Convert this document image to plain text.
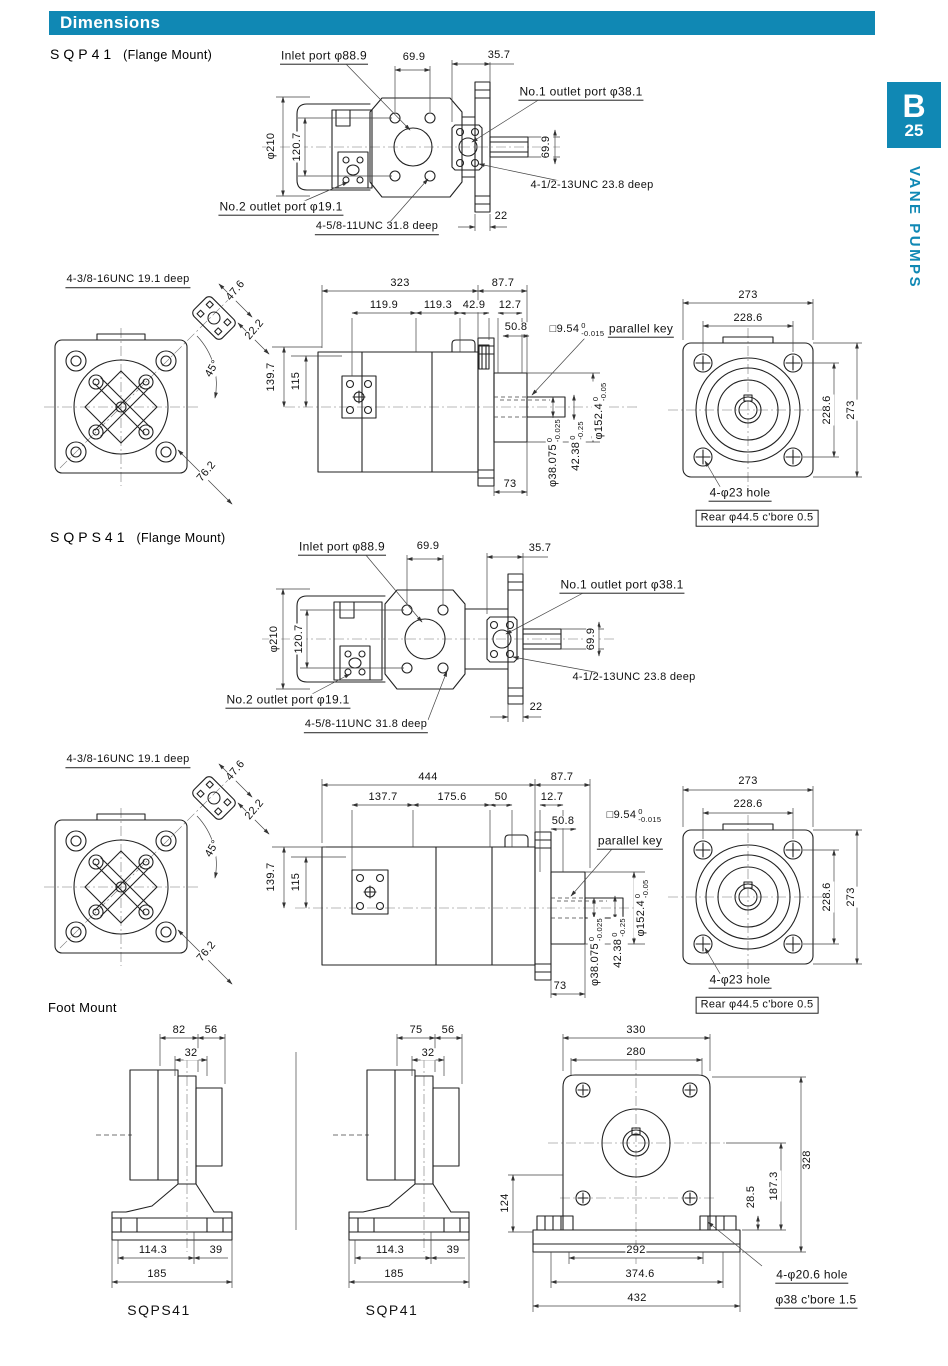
Dimensions
SQP41 (Flange Mount)
SQPS41 (Flange Mount)
Foot Mount
B
25
VANE PUMPS
SQPS41	SQP41
Inlet port φ88.9	69.9	35.7
No.1 outlet port φ38.1
φ210 120.7	69.9
4-1/2-13UNC 23.8 deep
No.2 outlet port φ19.1
4-5/8-11UNC 31.8 deep
22
4-3/8-16UNC 19.1 deep	47.6
22.2
45°
76.2
323	87.7
119.9 119.3 42.9 12.7
50.8 □9.54 0
-0.015 parallel key
139.7 115
φ38.075
0 -0.025
42.38
0 -0.25 φ152.4
0 -0.05
73
273
228.6
228.6 273
4-φ23 hole
Rear φ44.5 c'bore 0.5
Inlet port φ88.9	69.9	35.7
No.1 outlet port φ38.1
φ210 120.7	69.9
4-1/2-13UNC 23.8 deep
No.2 outlet port φ19.1
4-5/8-11UNC 31.8 deep
22
4-3/8-16UNC 19.1 deep	47.6
22.2
45°
76.2
444	87.7
137.7	175.6	50	12.7
50.8
□9.54 0
-0.015
parallel key
139.7 115
φ38.075
0 -0.025
42.38
0 -0.25 φ152.4
0 -0.05
73
273
228.6
228.6 273
4-φ23 hole
Rear φ44.5 c'bore 0.5
82 56
32
75 56
32
114.3	39
185
114.3	39
185
330
280
328
187.3
28.5
124
292
374.6
432
4-φ20.6 hole
φ38 c'bore 1.5
